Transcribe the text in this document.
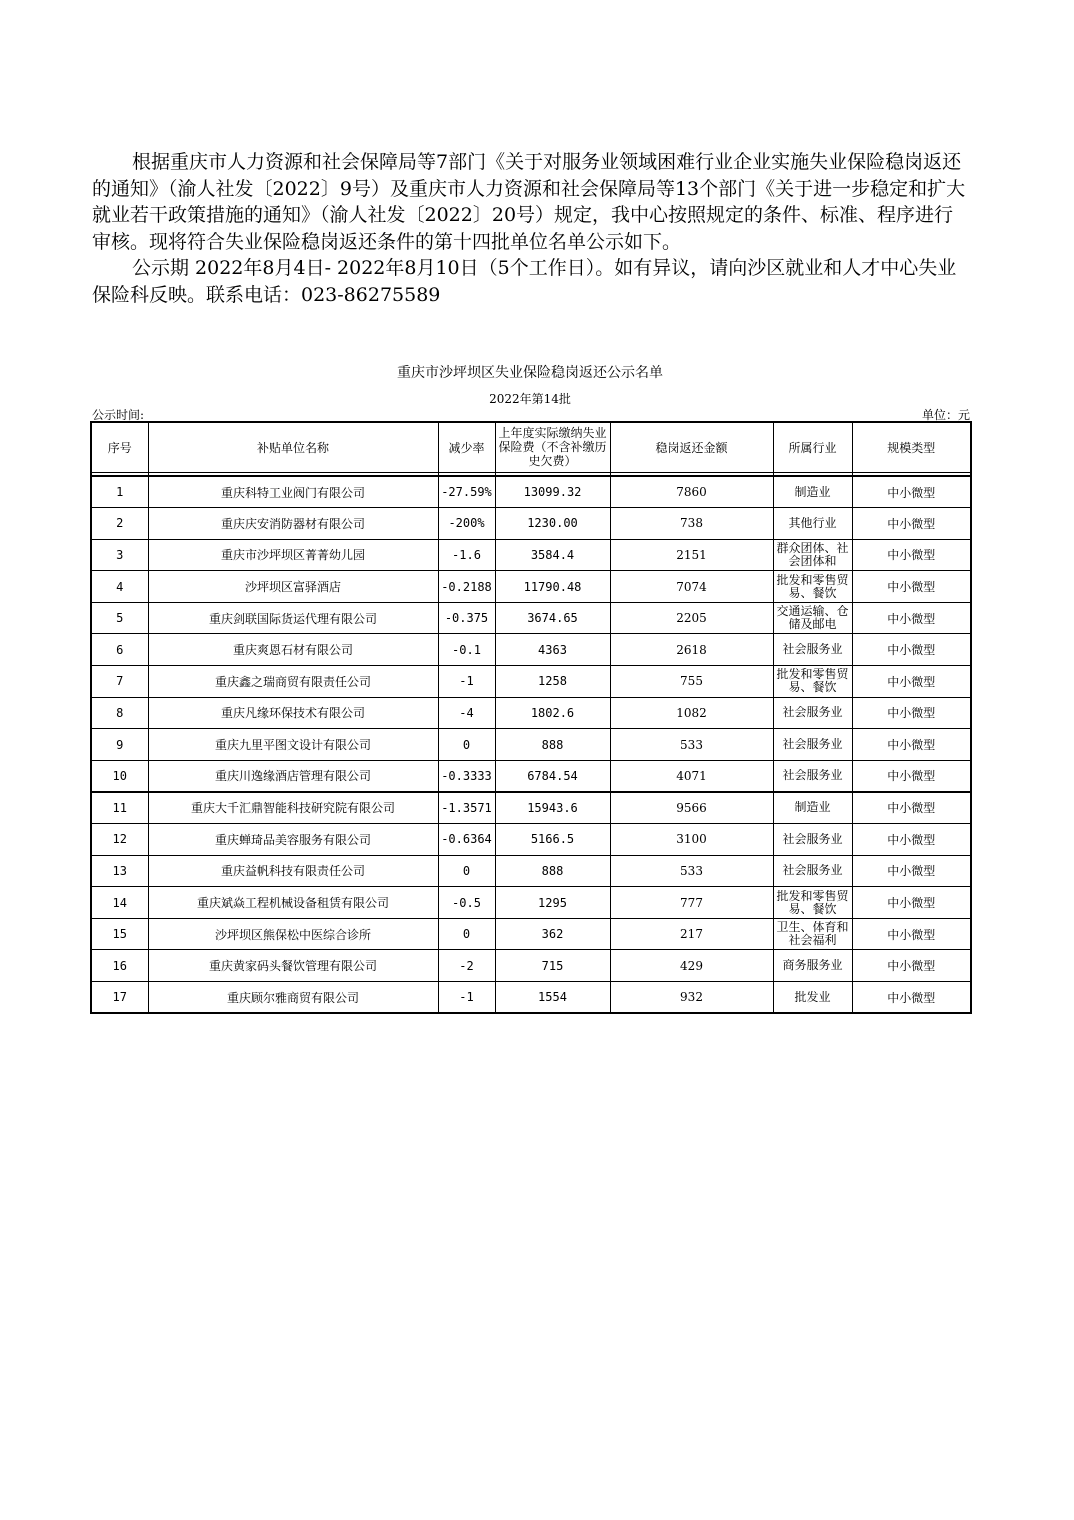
根据重庆市人力资源和社会保障局等7部门《关于对服务业领域困难行业企业实施失业保险稳岗返还的通知》（渝人社发〔2022〕9号）及重庆市人力资源和社会保障局等13个部门《关于进一步稳定和扩大就业若干政策措施的通知》（渝人社发〔2022〕20号）规定，我中心按照规定的条件、标准、程序进行审核。现将符合失业保险稳岗返还条件的第十四批单位名单公示如下。

公示期 2022年8月4日- 2022年8月10日（5个工作日）。如有异议，请向沙区就业和人才中心失业保险科反映。联系电话：023-86275589

重庆市沙坪坝区失业保险稳岗返还公示名单
2022年第14批
公示时间:	单位：元
序号	补贴单位名称	减少率	上年度实际缴纳失业保险费（不含补缴历史欠费）	稳岗返还金额	所属行业	规模类型

1	重庆科特工业阀门有限公司	-27.59%	13099.32	7860	制造业	中小微型
2	重庆庆安消防器材有限公司	-200%	1230.00	738	其他行业	中小微型
3	重庆市沙坪坝区菁菁幼儿园	-1.6	3584.4	2151	群众团体、社会团体和	中小微型
4	沙坪坝区富驿酒店	-0.2188	11790.48	7074	批发和零售贸易、餐饮	中小微型
5	重庆剑联国际货运代理有限公司	-0.375	3674.65	2205	交通运输、仓储及邮电	中小微型
6	重庆爽恩石材有限公司	-0.1	4363	2618	社会服务业	中小微型
7	重庆鑫之瑞商贸有限责任公司	-1	1258	755	批发和零售贸易、餐饮	中小微型
8	重庆凡缘环保技术有限公司	-4	1802.6	1082	社会服务业	中小微型
9	重庆九里平图文设计有限公司	0	888	533	社会服务业	中小微型
10	重庆川逸缘酒店管理有限公司	-0.3333	6784.54	4071	社会服务业	中小微型
11	重庆大千汇鼎智能科技研究院有限公司	-1.3571	15943.6	9566	制造业	中小微型
12	重庆蝉琦品美容服务有限公司	-0.6364	5166.5	3100	社会服务业	中小微型
13	重庆益帆科技有限责任公司	0	888	533	社会服务业	中小微型
14	重庆斌焱工程机械设备租赁有限公司	-0.5	1295	777	批发和零售贸易、餐饮	中小微型
15	沙坪坝区熊保松中医综合诊所	0	362	217	卫生、体育和社会福利	中小微型
16	重庆黄家码头餐饮管理有限公司	-2	715	429	商务服务业	中小微型
17	重庆顾尔雅商贸有限公司	-1	1554	932	批发业	中小微型
